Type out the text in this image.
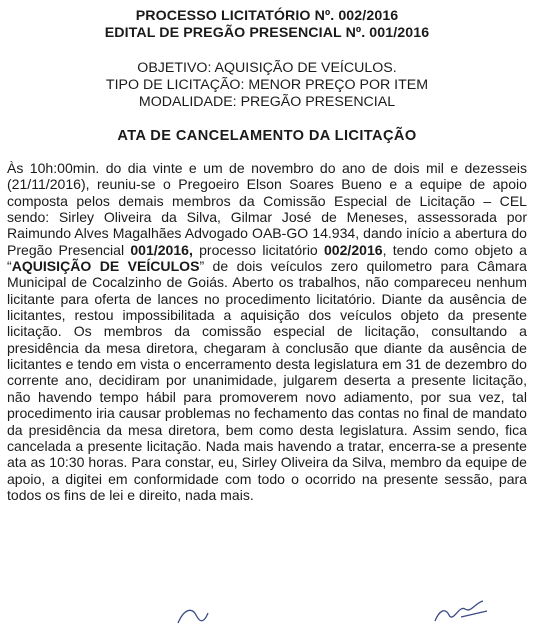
PROCESSO LICITATÓRIO Nº. 002/2016

EDITAL DE PREGÃO PRESENCIAL Nº. 001/2016

OBJETIVO: AQUISIÇÃO DE VEÍCULOS.

TIPO DE LICITAÇÃO: MENOR PREÇO POR ITEM

MODALIDADE: PREGÃO PRESENCIAL

ATA DE CANCELAMENTO DA LICITAÇÃO

Às 10h:00min. do dia vinte e um de novembro do ano de dois mil e dezesseis (21/11/2016), reuniu-se o Pregoeiro Elson Soares Bueno e a equipe de apoio composta pelos demais membros da Comissão Especial de Licitação – CEL sendo: Sirley Oliveira da Silva, Gilmar José de Meneses, assessorada por Raimundo Alves Magalhães Advogado OAB-GO 14.934, dando início a abertura do Pregão Presencial 001/2016, processo licitatório 002/2016, tendo como objeto a “AQUISIÇÃO DE VEÍCULOS” de dois veículos zero quilometro para Câmara Municipal de Cocalzinho de Goiás. Aberto os trabalhos, não compareceu nenhum licitante para oferta de lances no procedimento licitatório. Diante da ausência de licitantes, restou impossibilitada a aquisição dos veículos objeto da presente licitação. Os membros da comissão especial de licitação, consultando a presidência da mesa diretora, chegaram à conclusão que diante da ausência de licitantes e tendo em vista o encerramento desta legislatura em 31 de dezembro do corrente ano, decidiram por unanimidade, julgarem deserta a presente licitação, não havendo tempo hábil para promoverem novo adiamento, por sua vez, tal procedimento iria causar problemas no fechamento das contas no final de mandato da presidência da mesa diretora, bem como desta legislatura. Assim sendo, fica cancelada a presente licitação. Nada mais havendo a tratar, encerra-se a presente ata as 10:30 horas. Para constar, eu, Sirley Oliveira da Silva, membro da equipe de apoio, a digitei em conformidade com todo o ocorrido na presente sessão, para todos os fins de lei e direito, nada mais.
